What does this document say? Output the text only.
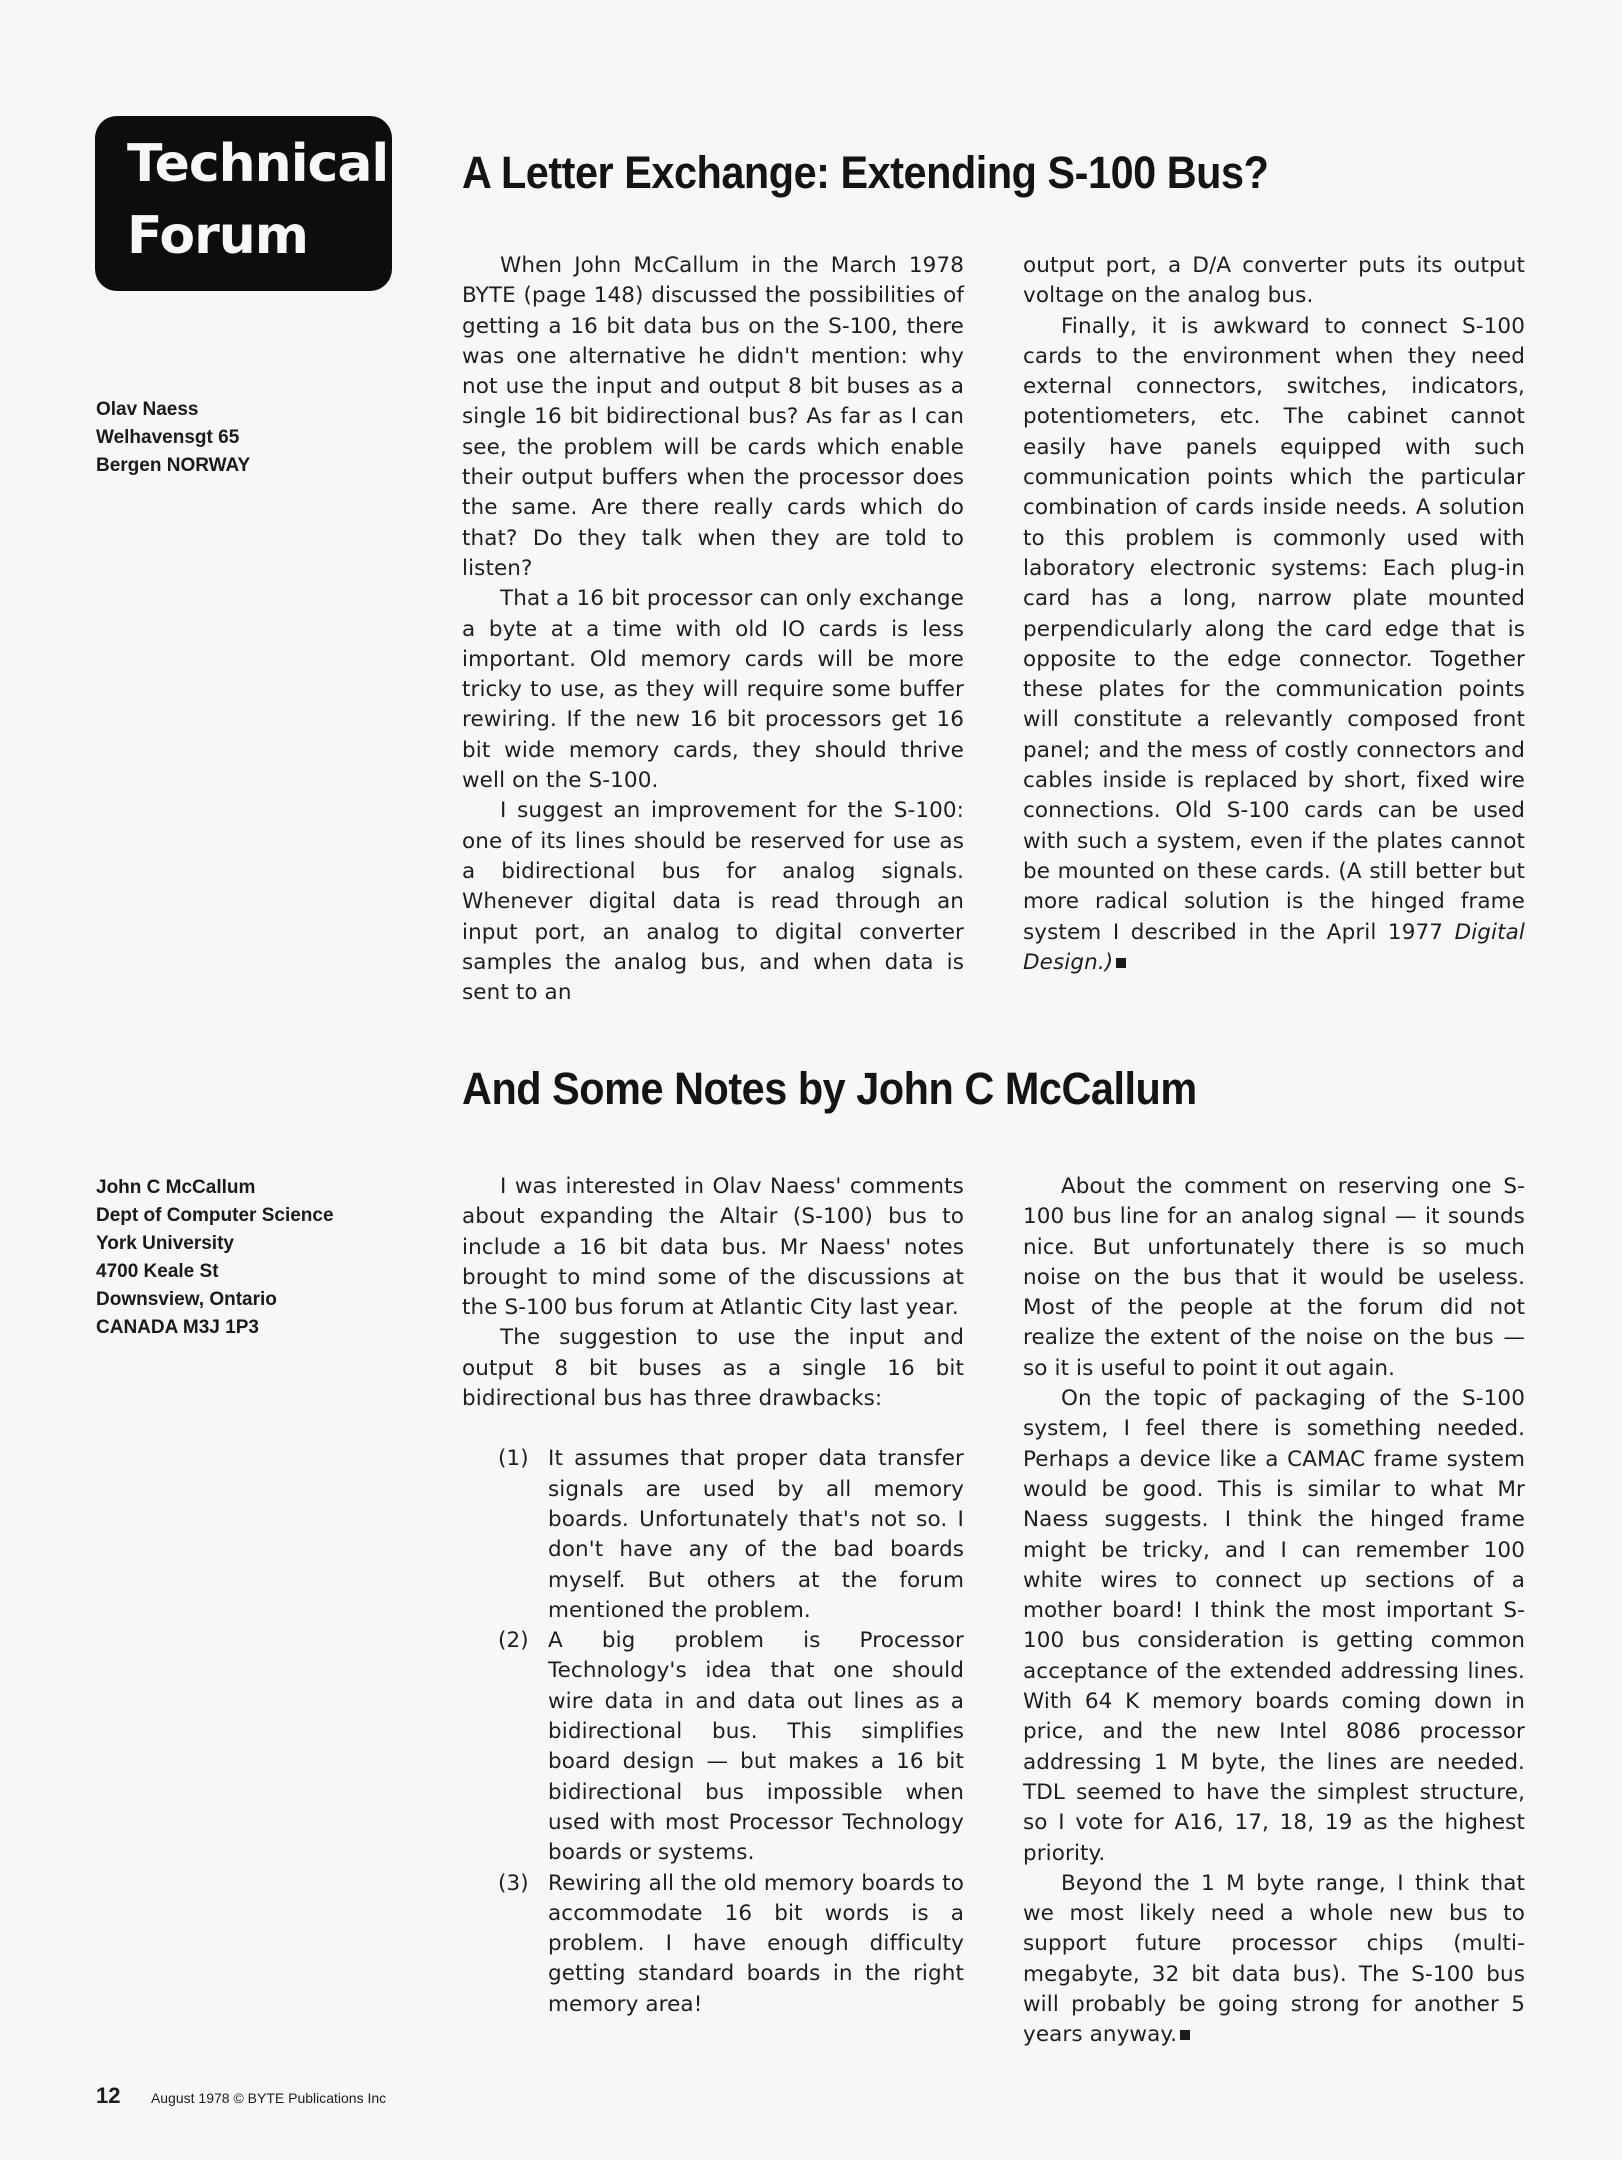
Technical
Forum
A Letter Exchange: Extending S-100 Bus?
Olav Naess
Welhavensgt 65
Bergen NORWAY

When John McCallum in the March 1978 BYTE (page 148) discussed the possibilities of getting a 16 bit data bus on the S-100, there was one alternative he didn't mention: why not use the input and output 8 bit buses as a single 16 bit bidirectional bus? As far as I can see, the problem will be cards which enable their output buffers when the processor does the same. Are there really cards which do that? Do they talk when they are told to listen?

That a 16 bit processor can only exchange a byte at a time with old IO cards is less important. Old memory cards will be more tricky to use, as they will require some buffer rewiring. If the new 16 bit processors get 16 bit wide memory cards, they should thrive well on the S-100.

I suggest an improvement for the S-100: one of its lines should be reserved for use as a bidirectional bus for analog signals. Whenever digital data is read through an input port, an analog to digital converter samples the analog bus, and when data is sent to an

output port, a D/A converter puts its output voltage on the analog bus.

Finally, it is awkward to connect S-100 cards to the environment when they need external connectors, switches, indicators, potentiometers, etc. The cabinet cannot easily have panels equipped with such communication points which the particular combination of cards inside needs. A solution to this problem is commonly used with laboratory electronic systems: Each plug-in card has a long, narrow plate mounted perpendicularly along the card edge that is opposite to the edge connector. Together these plates for the communication points will constitute a relevantly composed front panel; and the mess of costly connectors and cables inside is replaced by short, fixed wire connections. Old S-100 cards can be used with such a system, even if the plates cannot be mounted on these cards. (A still better but more radical solution is the hinged frame system I described in the April 1977 Digital Design.)

And Some Notes by John C McCallum
John C McCallum
Dept of Computer Science
York University
4700 Keale St
Downsview, Ontario
CANADA M3J 1P3

I was interested in Olav Naess' comments about expanding the Altair (S-100) bus to include a 16 bit data bus. Mr Naess' notes brought to mind some of the discussions at the S-100 bus forum at Atlantic City last year.

The suggestion to use the input and output 8 bit buses as a single 16 bit bidirectional bus has three drawbacks:

(1) It assumes that proper data transfer signals are used by all memory boards. Unfortunately that's not so. I don't have any of the bad boards myself. But others at the forum mentioned the problem.
(2) A big problem is Processor Technology's idea that one should wire data in and data out lines as a bidirectional bus. This simplifies board design — but makes a 16 bit bidirectional bus impossible when used with most Processor Technology boards or systems.
(3) Rewiring all the old memory boards to accommodate 16 bit words is a problem. I have enough difficulty getting standard boards in the right memory area!

About the comment on reserving one S-100 bus line for an analog signal — it sounds nice. But unfortunately there is so much noise on the bus that it would be useless. Most of the people at the forum did not realize the extent of the noise on the bus — so it is useful to point it out again.

On the topic of packaging of the S-100 system, I feel there is something needed. Perhaps a device like a CAMAC frame system would be good. This is similar to what Mr Naess suggests. I think the hinged frame might be tricky, and I can remember 100 white wires to connect up sections of a mother board! I think the most important S-100 bus consideration is getting common acceptance of the extended addressing lines. With 64 K memory boards coming down in price, and the new Intel 8086 processor addressing 1 M byte, the lines are needed. TDL seemed to have the simplest structure, so I vote for A16, 17, 18, 19 as the highest priority.

Beyond the 1 M byte range, I think that we most likely need a whole new bus to support future processor chips (multi-megabyte, 32 bit data bus). The S-100 bus will probably be going strong for another 5 years anyway.

12 August 1978 © BYTE Publications Inc
